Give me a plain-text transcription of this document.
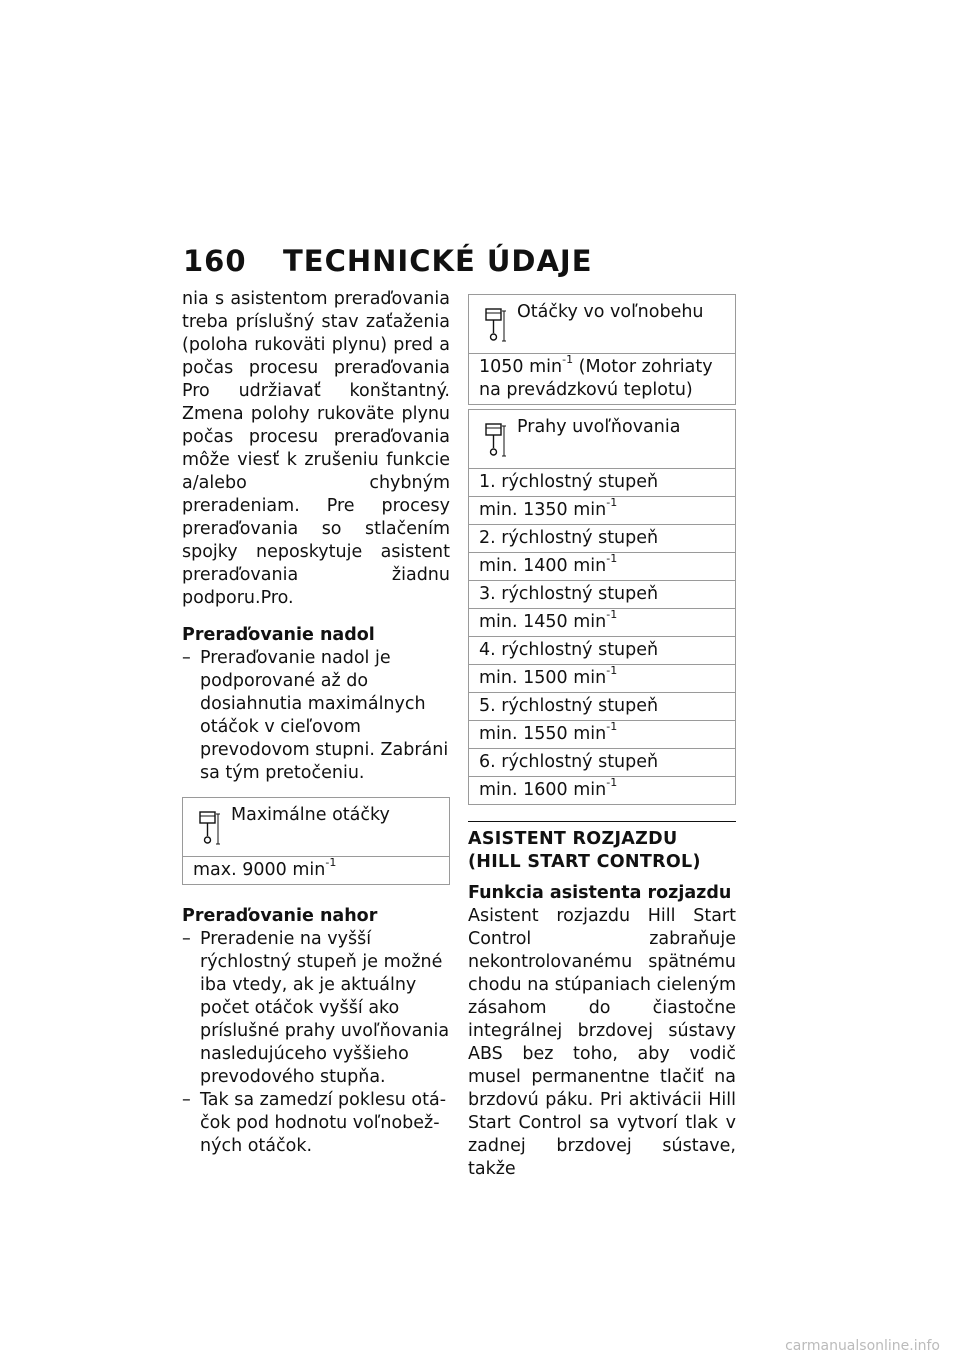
160 TECHNICKÉ ÚDAJE

nia s asistentom preraďovania treba príslušný stav zaťaženia (poloha rukoväti plynu) pred a počas procesu preraďovania Pro udržiavať konštantný. Zmena polohy rukoväte plynu počas procesu preraďovania môže viesť k zrušeniu funkcie a/alebo chybným preradeniam. Pre procesy preraďovania so stlačením spojky neposkytuje asistent preraďovania žiadnu podporu.Pro.

Preraďovanie nadol

– Preraďovanie nadol je podporované až do dosiahnutia maximálnych otáčok v cieľovom prevodovom stupni. Zabráni sa tým pretočeniu.
Maximálne otáčky
max. 9000 $\min^{-1}$

Preraďovanie nahor

– Preradenie na vyšší rýchlostný stupeň je možné iba vtedy, ak je aktuálny počet otáčok vyšší ako príslušné prahy uvoľňovania nasledujúceho vyššieho prevodového stupňa.
– Tak sa zamedzí poklesu otáčok pod hodnotu voľnobežných otáčok.
Otáčky vo voľnobehu
1050 $\min^{-1}$ (Motor zohriaty na prevádzkovú teplotu)
Prahy uvoľňovania
1. rýchlostný stupeň
min. 1350 $\min^{-1}$
2. rýchlostný stupeň
min. 1400 $\min^{-1}$
3. rýchlostný stupeň
min. 1450 $\min^{-1}$
4. rýchlostný stupeň
min. 1500 $\min^{-1}$
5. rýchlostný stupeň
min. 1550 $\min^{-1}$
6. rýchlostný stupeň
min. 1600 $\min^{-1}$
ASISTENT ROZJAZDU
(HILL START CONTROL)

Funkcia asistenta rozjazdu

Asistent rozjazdu Hill Start Control zabraňuje nekontrolovanému spätnému chodu na stúpaniach cieleným zásahom do čiastočne integrálnej brzdovej sústavy ABS bez toho, aby vodič musel permanentne tlačiť na brzdovú páku. Pri aktivácii Hill Start Control sa vytvorí tlak v zadnej brzdovej sústave, takže

carmanualsonline.info
